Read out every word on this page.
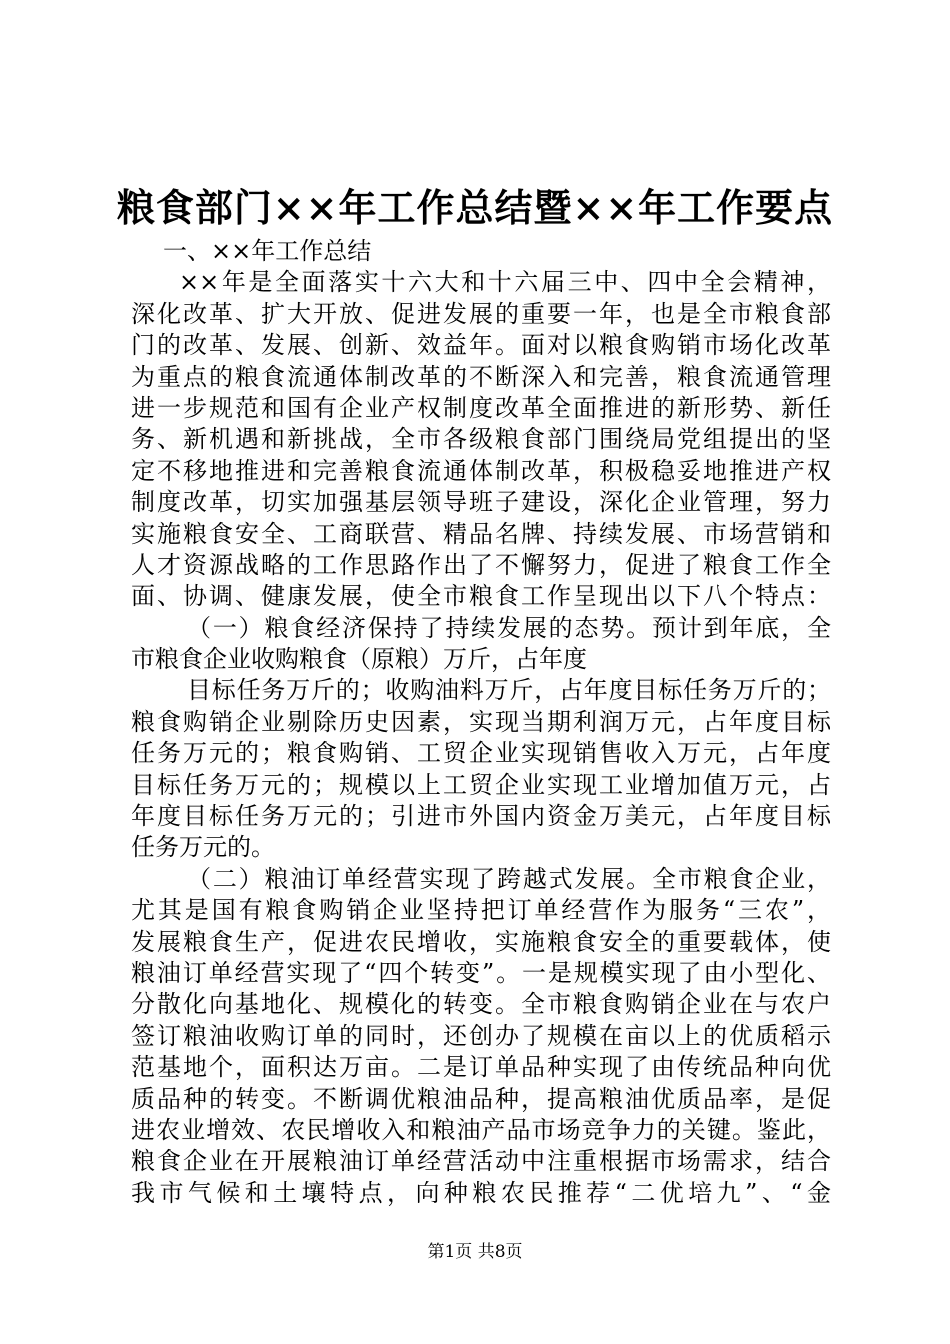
粮食部门××年工作总结暨××年工作要点
一、××年工作总结
××年是全面落实十六大和十六届三中、四中全会精神，
深化改革、扩大开放、促进发展的重要一年，也是全市粮食部
门的改革、发展、创新、效益年。面对以粮食购销市场化改革
为重点的粮食流通体制改革的不断深入和完善，粮食流通管理
进一步规范和国有企业产权制度改革全面推进的新形势、新任
务、新机遇和新挑战，全市各级粮食部门围绕局党组提出的坚
定不移地推进和完善粮食流通体制改革，积极稳妥地推进产权
制度改革，切实加强基层领导班子建设，深化企业管理，努力
实施粮食安全、工商联营、精品名牌、持续发展、市场营销和
人才资源战略的工作思路作出了不懈努力，促进了粮食工作全
面、协调、健康发展，使全市粮食工作呈现出以下八个特点：
（一）粮食经济保持了持续发展的态势。预计到年底，全
市粮食企业收购粮食（原粮）万斤，占年度
目标任务万斤的；收购油料万斤，占年度目标任务万斤的；
粮食购销企业剔除历史因素，实现当期利润万元，占年度目标
任务万元的；粮食购销、工贸企业实现销售收入万元，占年度
目标任务万元的；规模以上工贸企业实现工业增加值万元，占
年度目标任务万元的；引进市外国内资金万美元，占年度目标
任务万元的。
（二）粮油订单经营实现了跨越式发展。全市粮食企业，
尤其是国有粮食购销企业坚持把订单经营作为服务“三农”，
发展粮食生产，促进农民增收，实施粮食安全的重要载体，使
粮油订单经营实现了“四个转变”。一是规模实现了由小型化、
分散化向基地化、规模化的转变。全市粮食购销企业在与农户
签订粮油收购订单的同时，还创办了规模在亩以上的优质稻示
范基地个，面积达万亩。二是订单品种实现了由传统品种向优
质品种的转变。不断调优粮油品种，提高粮油优质品率，是促
进农业增效、农民增收入和粮油产品市场竞争力的关键。鉴此，
粮食企业在开展粮油订单经营活动中注重根据市场需求，结合
我市气候和土壤特点，向种粮农民推荐“二优培九”、“金
第1页 共8页
